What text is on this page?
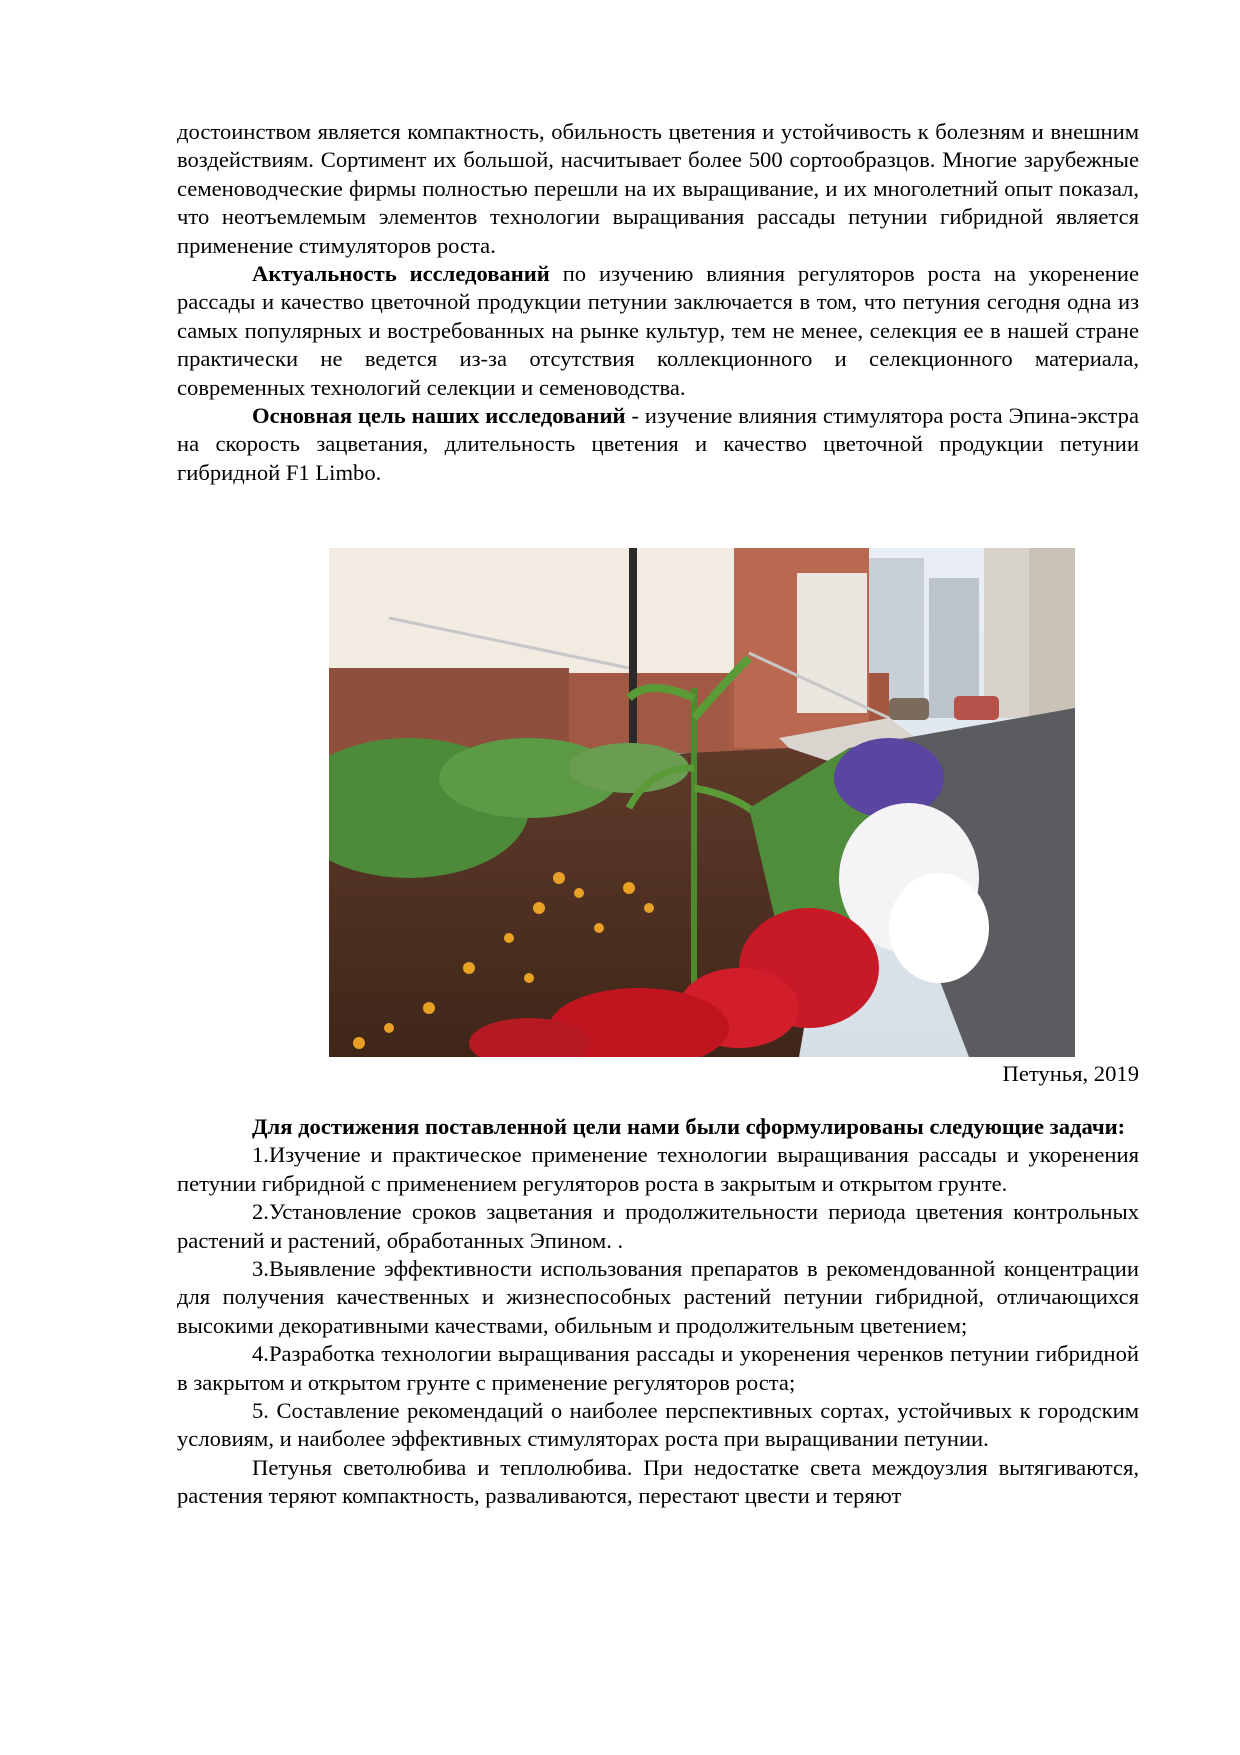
достоинством является компактность, обильность цветения и устойчивость к болезням и внешним воздействиям. Сортимент их большой, насчитывает более 500 сортообразцов. Многие зарубежные семеноводческие фирмы полностью перешли на их выращивание, и их многолетний опыт показал, что неотъемлемым элементов технологии выращивания рассады петунии гибридной является применение стимуляторов роста.

Актуальность исследований по изучению влияния регуляторов роста на укоренение рассады и качество цветочной продукции петунии заключается в том, что петуния сегодня одна из самых популярных и востребованных на рынке культур, тем не менее, селекция ее в нашей стране практически не ведется из-за отсутствия коллекционного и селекционного материала, современных технологий селекции и семеноводства.

Основная цель наших исследований - изучение влияния стимулятора роста Эпина-экстра на скорость зацветания, длительность цветения и качество цветочной продукции петунии гибридной F1 Limbo.

Петунья, 2019

Для достижения поставленной цели нами были сформулированы следующие задачи:

1.Изучение и практическое применение технологии выращивания рассады и укоренения петунии гибридной с применением регуляторов роста в закрытым и открытом грунте.

2.Установление сроков зацветания и продолжительности периода цветения контрольных растений и растений, обработанных Эпином. .

3.Выявление эффективности использования препаратов в рекомендованной концентрации для получения качественных и жизнеспособных растений петунии гибридной, отличающихся высокими декоративными качествами, обильным и продолжительным цветением;

4.Разработка технологии выращивания рассады и укоренения черенков петунии гибридной в закрытом и открытом грунте с применение регуляторов роста;

5. Составление рекомендаций о наиболее перспективных сортах, устойчивых к городским условиям, и наиболее эффективных стимуляторах роста при выращивании петунии.

Петунья светолюбива и теплолюбива. При недостатке света междоузлия вытягиваются, растения теряют компактность, разваливаются, перестают цвести и теряют
